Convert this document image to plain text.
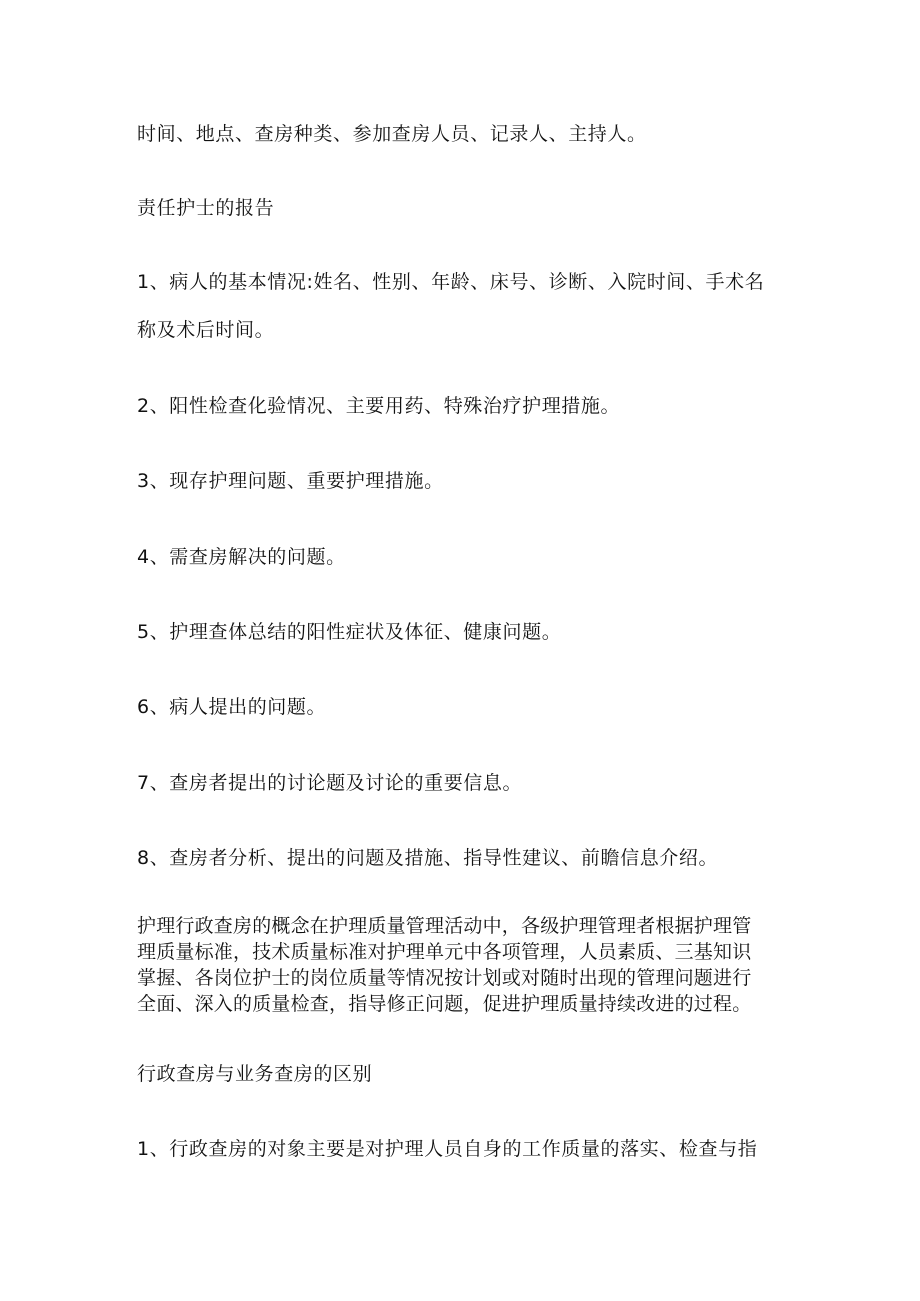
时间、地点、查房种类、参加查房人员、记录人、主持人。
责任护士的报告
1、病人的基本情况:姓名、性别、年龄、床号、诊断、入院时间、手术名
称及术后时间。
2、阳性检查化验情况、主要用药、特殊治疗护理措施。
3、现存护理问题、重要护理措施。
4、需查房解决的问题。
5、护理查体总结的阳性症状及体征、健康问题。
6、病人提出的问题。
7、查房者提出的讨论题及讨论的重要信息。
8、查房者分析、提出的问题及措施、指导性建议、前瞻信息介绍。
护理行政查房的概念在护理质量管理活动中，各级护理管理者根据护理管
理质量标准，技术质量标准对护理单元中各项管理，人员素质、三基知识
掌握、各岗位护士的岗位质量等情况按计划或对随时出现的管理问题进行
全面、深入的质量检查，指导修正问题，促进护理质量持续改进的过程。
行政查房与业务查房的区别
1、行政查房的对象主要是对护理人员自身的工作质量的落实、检查与指
